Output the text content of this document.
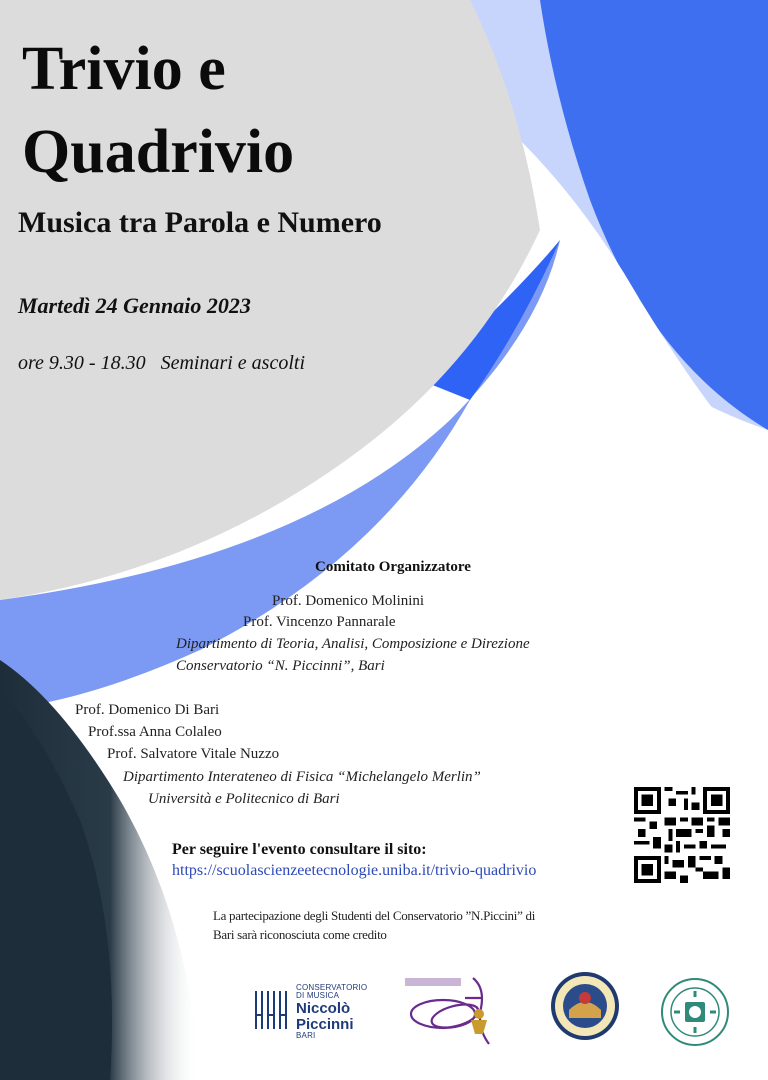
Trivio e
Quadrivio
Musica tra Parola e Numero
Martedì 24 Gennaio 2023
ore 9.30 - 18.30   Seminari e ascolti
Comitato Organizzatore
Prof. Domenico Molinini
Prof. Vincenzo Pannarale
Dipartimento di Teoria, Analisi, Composizione e Direzione
Conservatorio “N. Piccinni”, Bari
Prof. Domenico Di Bari
Prof.ssa Anna Colaleo
Prof. Salvatore Vitale Nuzzo
Dipartimento Interateneo di Fisica “Michelangelo Merlin”
Università e Politecnico di Bari
Per seguire l'evento consultare il sito:
https://scuolascienzeetecnologie.uniba.it/trivio-quadrivio
La partecipazione degli Studenti del Conservatorio ”N.Piccini” di
Bari sarà riconosciuta come credito
CONSERVATORIO
DI MUSICA
Niccolò
Piccinni
BARI
